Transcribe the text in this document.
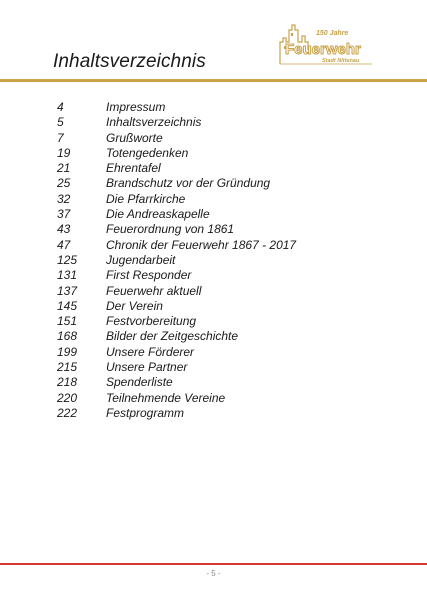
Inhaltsverzeichnis
150 Jahre
Feuerwehr
Stadt Nittenau
4	Impressum
5	Inhaltsverzeichnis
7	Grußworte
19	Totengedenken
21	Ehrentafel
25	Brandschutz vor der Gründung
32	Die Pfarrkirche
37	Die Andreaskapelle
43	Feuerordnung von 1861
47	Chronik der Feuerwehr 1867 - 2017
125	Jugendarbeit
131	First Responder
137	Feuerwehr aktuell
145	Der Verein
151	Festvorbereitung
168	Bilder der Zeitgeschichte
199	Unsere Förderer
215	Unsere Partner
218	Spenderliste
220	Teilnehmende Vereine
222	Festprogramm
- 5 -
